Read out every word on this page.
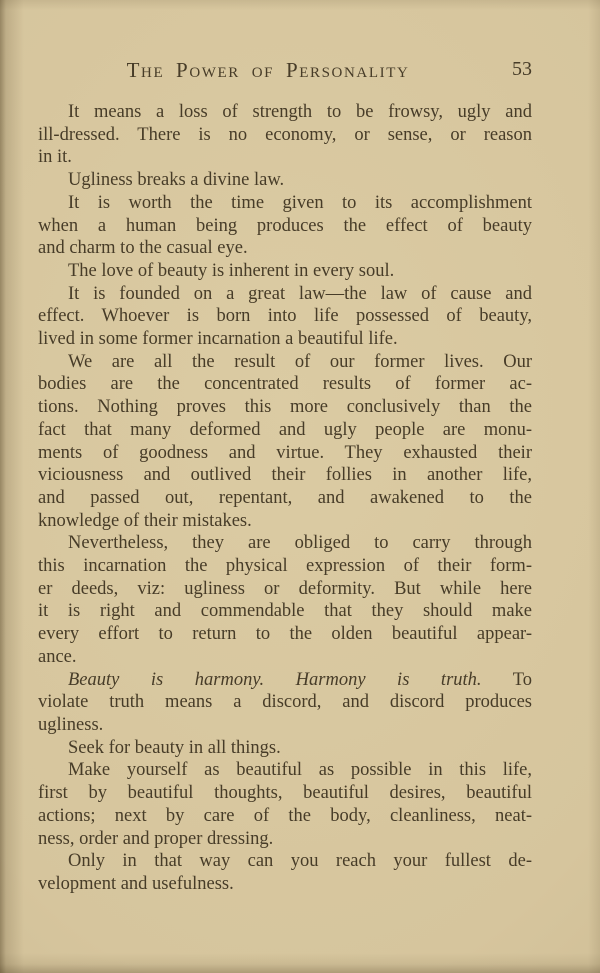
The Power of Personality	53
It means a loss of strength to be frowsy, ugly and
ill-dressed. There is no economy, or sense, or reason
in it.
Ugliness breaks a divine law.
It is worth the time given to its accomplishment
when a human being produces the effect of beauty
and charm to the casual eye.
The love of beauty is inherent in every soul.
It is founded on a great law—the law of cause and
effect. Whoever is born into life possessed of beauty,
lived in some former incarnation a beautiful life.
We are all the result of our former lives. Our
bodies are the concentrated results of former ac-
tions. Nothing proves this more conclusively than the
fact that many deformed and ugly people are monu-
ments of goodness and virtue. They exhausted their
viciousness and outlived their follies in another life,
and passed out, repentant, and awakened to the
knowledge of their mistakes.
Nevertheless, they are obliged to carry through
this incarnation the physical expression of their form-
er deeds, viz: ugliness or deformity. But while here
it is right and commendable that they should make
every effort to return to the olden beautiful appear-
ance.
Beauty is harmony. Harmony is truth. To
violate truth means a discord, and discord produces
ugliness.
Seek for beauty in all things.
Make yourself as beautiful as possible in this life,
first by beautiful thoughts, beautiful desires, beautiful
actions; next by care of the body, cleanliness, neat-
ness, order and proper dressing.
Only in that way can you reach your fullest de-
velopment and usefulness.
